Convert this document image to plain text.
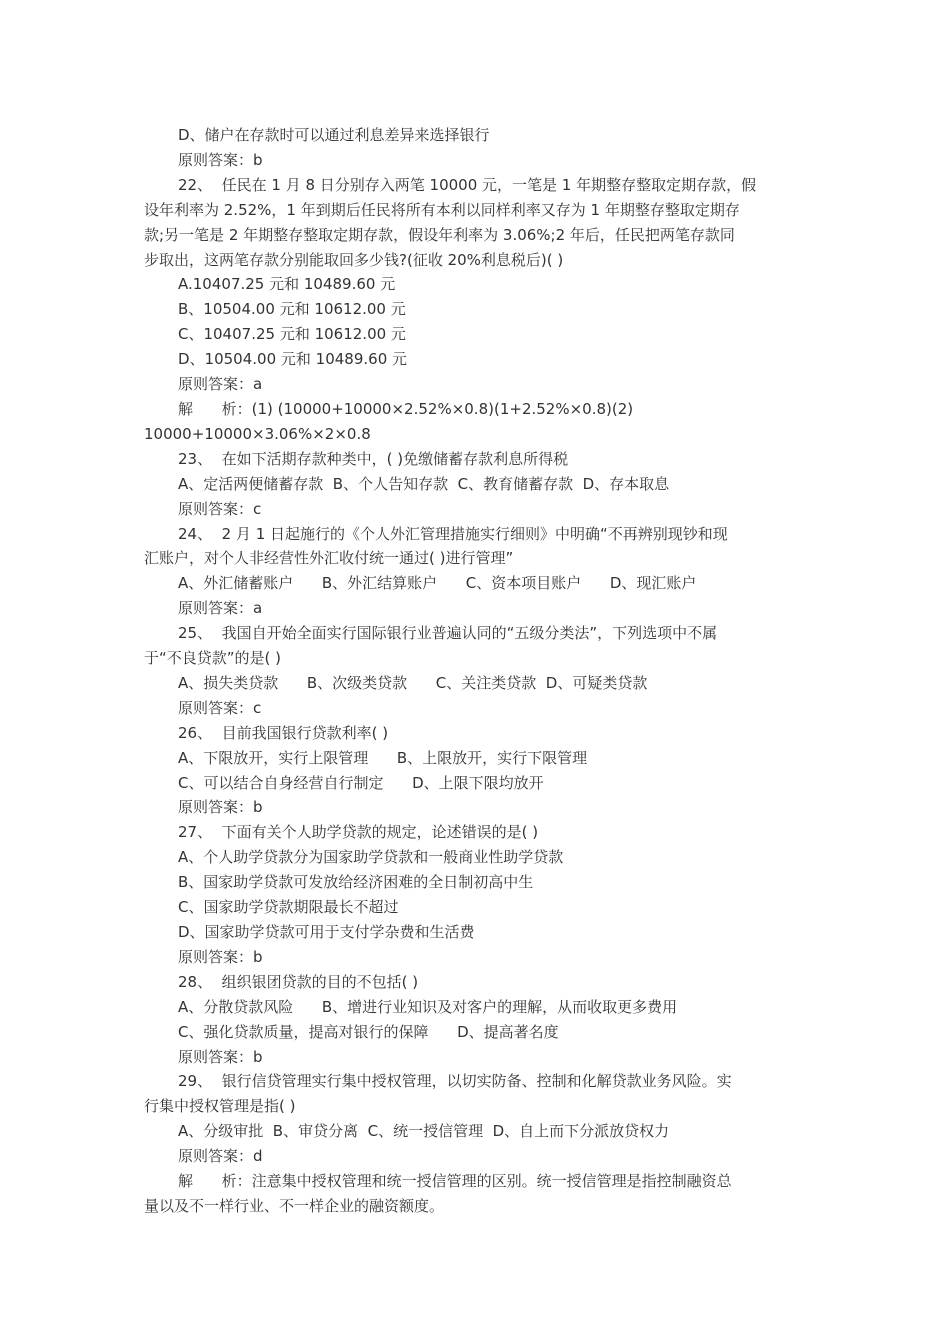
D、储户在存款时可以通过利息差异来选择银行
原则答案：b
22、  任民在 1 月 8 日分别存入两笔 10000 元，一笔是 1 年期整存整取定期存款，假
设年利率为 2.52%，1 年到期后任民将所有本利以同样利率又存为 1 年期整存整取定期存
款;另一笔是 2 年期整存整取定期存款，假设年利率为 3.06%;2 年后，任民把两笔存款同
步取出，这两笔存款分别能取回多少钱?(征收 20%利息税后)( )
A.10407.25 元和 10489.60 元
B、10504.00 元和 10612.00 元
C、10407.25 元和 10612.00 元
D、10504.00 元和 10489.60 元
原则答案：a
解      析：(1) (10000+10000×2.52%×0.8)(1+2.52%×0.8)(2)
10000+10000×3.06%×2×0.8
23、  在如下活期存款种类中，( )免缴储蓄存款利息所得税
A、定活两便储蓄存款  B、个人告知存款  C、教育储蓄存款  D、存本取息
原则答案：c
24、  2 月 1 日起施行的《个人外汇管理措施实行细则》中明确“不再辨别现钞和现
汇账户，对个人非经营性外汇收付统一通过( )进行管理”
A、外汇储蓄账户      B、外汇结算账户      C、资本项目账户      D、现汇账户
原则答案：a
25、  我国自开始全面实行国际银行业普遍认同的“五级分类法”，下列选项中不属
于“不良贷款”的是( )
A、损失类贷款      B、次级类贷款      C、关注类贷款  D、可疑类贷款
原则答案：c
26、  目前我国银行贷款利率( )
A、下限放开，实行上限管理      B、上限放开，实行下限管理
C、可以结合自身经营自行制定      D、上限下限均放开
原则答案：b
27、  下面有关个人助学贷款的规定，论述错误的是( )
A、个人助学贷款分为国家助学贷款和一般商业性助学贷款
B、国家助学贷款可发放给经济困难的全日制初高中生
C、国家助学贷款期限最长不超过
D、国家助学贷款可用于支付学杂费和生活费
原则答案：b
28、  组织银团贷款的目的不包括( )
A、分散贷款风险      B、增进行业知识及对客户的理解，从而收取更多费用
C、强化贷款质量，提高对银行的保障      D、提高著名度
原则答案：b
29、  银行信贷管理实行集中授权管理，以切实防备、控制和化解贷款业务风险。实
行集中授权管理是指( )
A、分级审批  B、审贷分离  C、统一授信管理  D、自上而下分派放贷权力
原则答案：d
解      析：注意集中授权管理和统一授信管理的区别。统一授信管理是指控制融资总
量以及不一样行业、不一样企业的融资额度。
